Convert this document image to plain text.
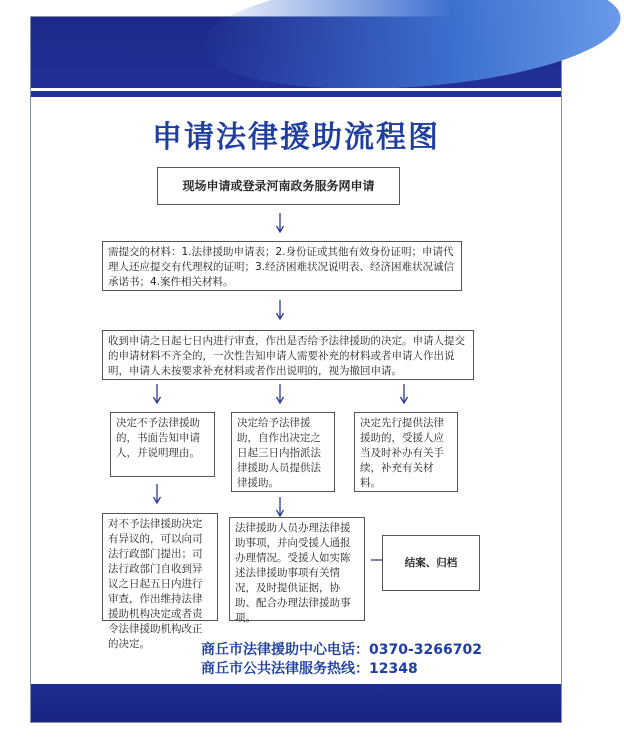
申请法律援助流程图
现场申请或登录河南政务服务网申请
需提交的材料：1.法律援助申请表；2.身份证或其他有效身份证明；申请代理人还应提交有代理权的证明；3.经济困难状况说明表、经济困难状况诚信承诺书；4.案件相关材料。
收到申请之日起七日内进行审查，作出是否给予法律援助的决定。申请人提交的申请材料不齐全的，一次性告知申请人需要补充的材料或者申请人作出说明，申请人未按要求补充材料或者作出说明的，视为撤回申请。
决定不予法律援助的，书面告知申请人，并说明理由。
决定给予法律援助，自作出决定之日起三日内指派法律援助人员提供法律援助。
决定先行提供法律援助的，受援人应当及时补办有关手续，补充有关材料。
对不予法律援助决定有异议的，可以向司法行政部门提出；司法行政部门自收到异议之日起五日内进行审查，作出维持法律援助机构决定或者责令法律援助机构改正的决定。
法律援助人员办理法律援助事项，并向受援人通报办理情况。受援人如实陈述法律援助事项有关情况，及时提供证据，协助、配合办理法律援助事项。
结案、归档
商丘市法律援助中心电话：0370-3266702
商丘市公共法律服务热线：12348
